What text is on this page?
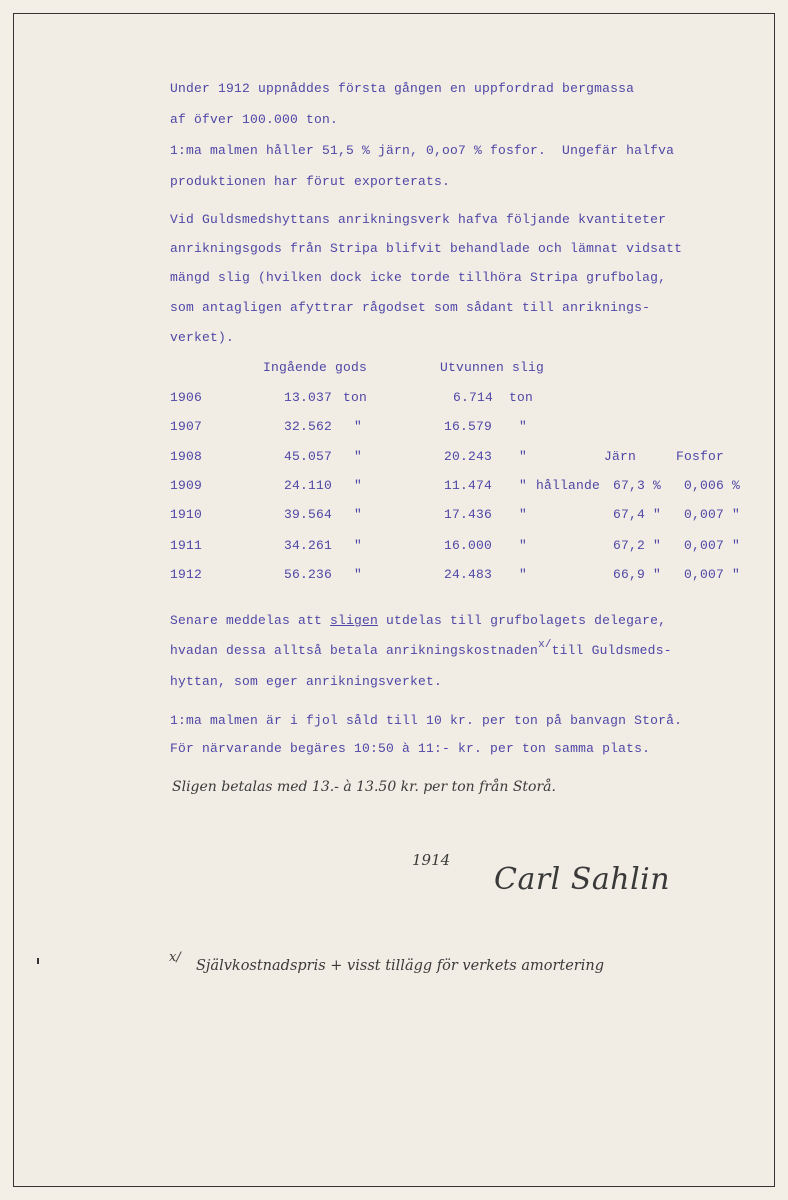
Under 1912 uppnåddes första gången en uppfordrad bergmassa
af öfver 100.000 ton.
1:ma malmen håller 51,5 % järn, 0,oo7 % fosfor.  Ungefär halfva
produktionen har förut exporterats.
Vid Guldsmedshyttans anrikningsverk hafva följande kvantiteter
anrikningsgods från Stripa blifvit behandlade och lämnat vidsatt
mängd slig (hvilken dock icke torde tillhöra Stripa grufbolag,
som antagligen afyttrar rågodset som sådant till anriknings-
verket).
Ingående gods	Utvunnen slig
Järn	Fosfor
1906	13.037 ton	6.714 ton
1907	32.562 "	16.579 "
1908	45.057 "	20.243 "
1909	24.110 "	11.474 " hållande 67,3 % 0,006 %
1910	39.564 "	17.436 "	67,4 " 0,007 "
1911	34.261 "	16.000 "	67,2 " 0,007 "
1912	56.236 "	24.483 "	66,9 " 0,007 "
Senare meddelas att sligen utdelas till grufbolagets delegare,
hvadan dessa alltså betala anrikningskostnaden$^{x/}$till Guldsmeds-
hyttan, som eger anrikningsverket.
1:ma malmen är i fjol såld till 10 kr. per ton på banvagn Storå.
För närvarande begäres 10:50 à 11:- kr. per ton samma plats.
Sligen betalas med 13.- à 13.50 kr. per ton från Storå.
1914
Carl Sahlin
x/
Självkostnadspris + visst tillägg för verkets amortering
